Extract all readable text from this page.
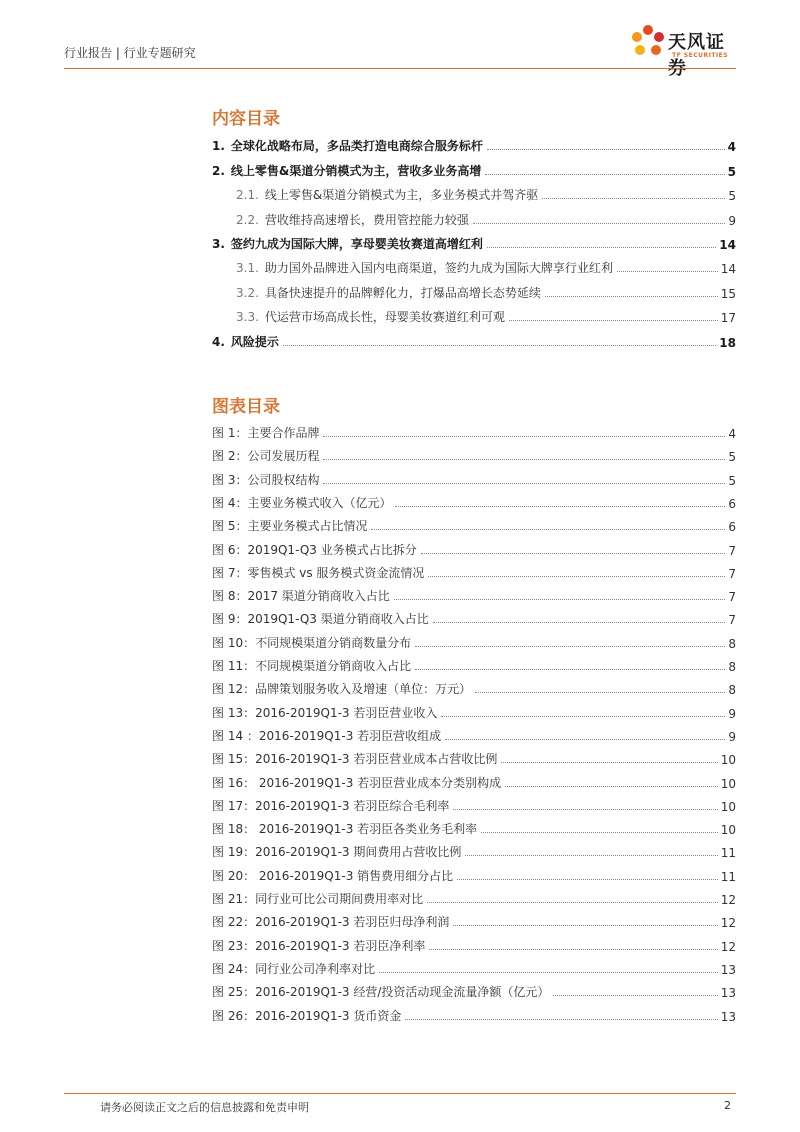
行业报告 | 行业专题研究	天风证券
TF SECURITIES
内容目录
1. 全球化战略布局，多品类打造电商综合服务标杆	4
2. 线上零售&渠道分销模式为主，营收多业务高增	5
2.1. 线上零售&渠道分销模式为主，多业务模式并驾齐驱	5
2.2. 营收维持高速增长，费用管控能力较强	9
3. 签约九成为国际大牌，享母婴美妆赛道高增红利	14
3.1. 助力国外品牌进入国内电商渠道，签约九成为国际大牌享行业红利	14
3.2. 具备快速提升的品牌孵化力，打爆品高增长态势延续	15
3.3. 代运营市场高成长性，母婴美妆赛道红利可观	17
4. 风险提示	18
图表目录
图 1：主要合作品牌	4
图 2：公司发展历程	5
图 3：公司股权结构	5
图 4：主要业务模式收入（亿元）	6
图 5：主要业务模式占比情况	6
图 6：2019Q1-Q3 业务模式占比拆分	7
图 7：零售模式 vs 服务模式资金流情况	7
图 8：2017 渠道分销商收入占比	7
图 9：2019Q1-Q3 渠道分销商收入占比	7
图 10：不同规模渠道分销商数量分布	8
图 11：不同规模渠道分销商收入占比	8
图 12：品牌策划服务收入及增速（单位：万元）	8
图 13：2016-2019Q1-3 若羽臣营业收入	9
图 14 ：2016-2019Q1-3 若羽臣营收组成	9
图 15：2016-2019Q1-3 若羽臣营业成本占营收比例	10
图 16： 2016-2019Q1-3 若羽臣营业成本分类别构成	10
图 17：2016-2019Q1-3 若羽臣综合毛利率	10
图 18： 2016-2019Q1-3 若羽臣各类业务毛利率	10
图 19：2016-2019Q1-3 期间费用占营收比例	11
图 20： 2016-2019Q1-3 销售费用细分占比	11
图 21：同行业可比公司期间费用率对比	12
图 22：2016-2019Q1-3 若羽臣归母净利润	12
图 23：2016-2019Q1-3 若羽臣净利率	12
图 24：同行业公司净利率对比	13
图 25：2016-2019Q1-3 经营/投资活动现金流量净额（亿元）	13
图 26：2016-2019Q1-3 货币资金	13
请务必阅读正文之后的信息披露和免责申明	2
